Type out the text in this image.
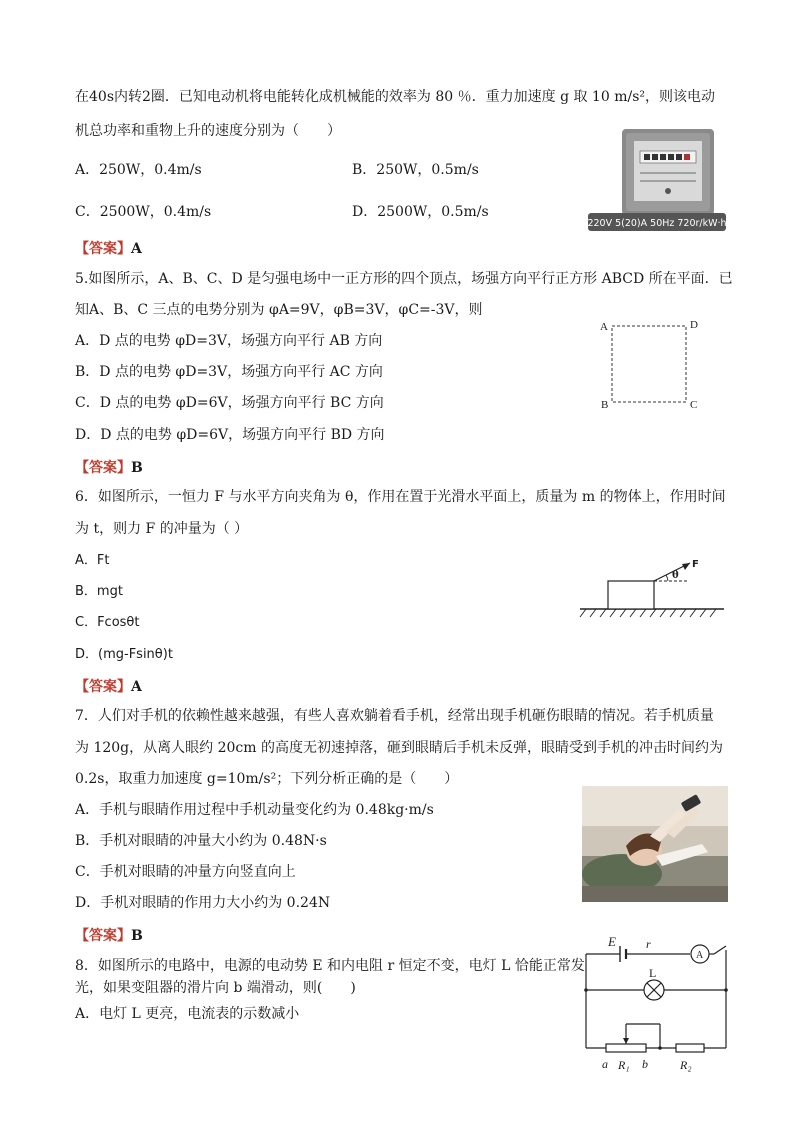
在40s内转2圈．已知电动机将电能转化成机械能的效率为 80 ％．重力加速度 g 取 10 m/s²，则该电动
机总功率和重物上升的速度分别为（　　）
A．250W，0.4m/s	B．250W，0.5m/s
C．2500W，0.4m/s	D．2500W，0.5m/s
220V 5(20)A 50Hz 720r/kW·h
【答案】A
5.如图所示，A、B、C、D 是匀强电场中一正方形的四个顶点，场强方向平行正方形 ABCD 所在平面．已
知A、B、C 三点的电势分别为 φA=9V，φB=3V，φC=-3V，则
A．D 点的电势 φD=3V，场强方向平行 AB 方向
B．D 点的电势 φD=3V，场强方向平行 AC 方向
C．D 点的电势 φD=6V，场强方向平行 BC 方向
D．D 点的电势 φD=6V，场强方向平行 BD 方向
A	D
B	C
【答案】B
6．如图所示，一恒力 F 与水平方向夹角为 θ，作用在置于光滑水平面上，质量为 m 的物体上，作用时间
为 t，则力 F 的冲量为（ ）
A．Ft
B．mgt
C．Fcosθt
D．(mg-Fsinθ)t
θ
F
【答案】A
7．人们对手机的依赖性越来越强，有些人喜欢躺着看手机，经常出现手机砸伤眼睛的情况。若手机质量
为 120g，从离人眼约 20cm 的高度无初速掉落，砸到眼睛后手机未反弹，眼睛受到手机的冲击时间约为
0.2s，取重力加速度 g=10m/s²；下列分析正确的是（　　）
A．手机与眼睛作用过程中手机动量变化约为 0.48kg·m/s
B．手机对眼睛的冲量大小约为 0.48N·s
C．手机对眼睛的冲量方向竖直向上
D．手机对眼睛的作用力大小约为 0.24N
【答案】B
8．如图所示的电路中，电源的电动势 E 和内电阻 r 恒定不变，电灯 L 恰能正常发
光，如果变阻器的滑片向 b 端滑动，则(　　)
A．电灯 L 更亮，电流表的示数减小
E	r
A
L
a R₁ b	R₂
